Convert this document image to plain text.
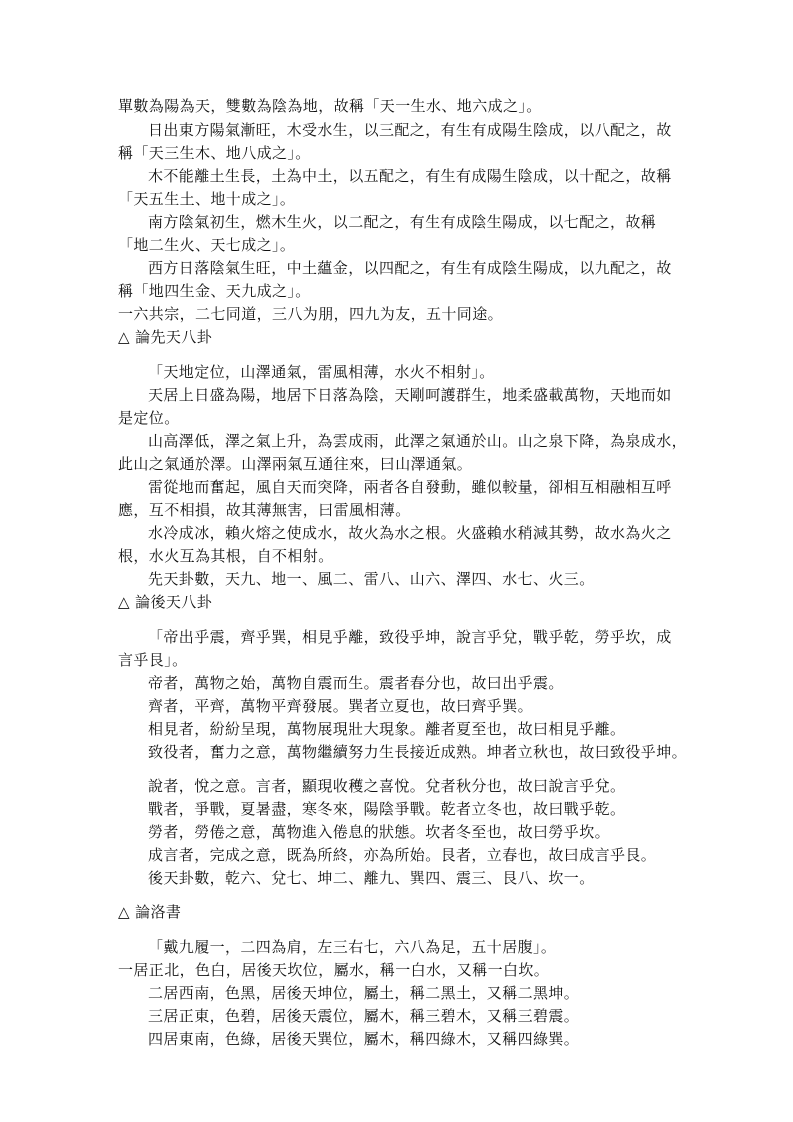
單數為陽為天，雙數為陰為地，故稱「天一生水、地六成之」。
日出東方陽氣漸旺，木受水生，以三配之，有生有成陽生陰成，以八配之，故
稱「天三生木、地八成之」。
木不能離土生長，土為中土，以五配之，有生有成陽生陰成，以十配之，故稱
「天五生土、地十成之」。
南方陰氣初生，燃木生火，以二配之，有生有成陰生陽成，以七配之，故稱
「地二生火、天七成之」。
西方日落陰氣生旺，中土蘊金，以四配之，有生有成陰生陽成，以九配之，故
稱「地四生金、天九成之」。
一六共宗，二七同道，三八为朋，四九为友，五十同途。
△ 論先天八卦
「天地定位，山澤通氣，雷風相薄，水火不相射」。
天居上日盛為陽，地居下日落為陰，天剛呵護群生，地柔盛載萬物，天地而如
是定位。
山高澤低，澤之氣上升，為雲成雨，此澤之氣通於山。山之泉下降，為泉成水，
此山之氣通於澤。山澤兩氣互通往來，曰山澤通氣。
雷從地而奮起，風自天而突降，兩者各自發動，雖似較量，卻相互相融相互呼
應，互不相損，故其薄無害，曰雷風相薄。
水冷成冰，賴火熔之使成水，故火為水之根。火盛賴水稍減其勢，故水為火之
根，水火互為其根，自不相射。
先天卦數，天九、地一、風二、雷八、山六、澤四、水七、火三。
△ 論後天八卦
「帝出乎震，齊乎巽，相見乎離，致役乎坤，說言乎兌，戰乎乾，勞乎坎，成
言乎艮」。
帝者，萬物之始，萬物自震而生。震者春分也，故曰出乎震。
齊者，平齊，萬物平齊發展。巽者立夏也，故曰齊乎巽。
相見者，紛紛呈現，萬物展現壯大現象。離者夏至也，故曰相見乎離。
致役者，奮力之意，萬物繼續努力生長接近成熟。坤者立秋也，故曰致役乎坤。
說者，悅之意。言者，顯現收穫之喜悅。兌者秋分也，故曰說言乎兌。
戰者，爭戰，夏暑盡，寒冬來，陽陰爭戰。乾者立冬也，故曰戰乎乾。
勞者，勞倦之意，萬物進入倦息的狀態。坎者冬至也，故曰勞乎坎。
成言者，完成之意，既為所終，亦為所始。艮者，立春也，故曰成言乎艮。
後天卦數，乾六、兌七、坤二、離九、巽四、震三、艮八、坎一。
△ 論洛書
「戴九履一，二四為肩，左三右七，六八為足，五十居腹」。
一居正北，色白，居後天坎位，屬水，稱一白水，又稱一白坎。
二居西南，色黑，居後天坤位，屬土，稱二黑土，又稱二黑坤。
三居正東，色碧，居後天震位，屬木，稱三碧木，又稱三碧震。
四居東南，色綠，居後天巽位，屬木，稱四綠木，又稱四綠巽。
